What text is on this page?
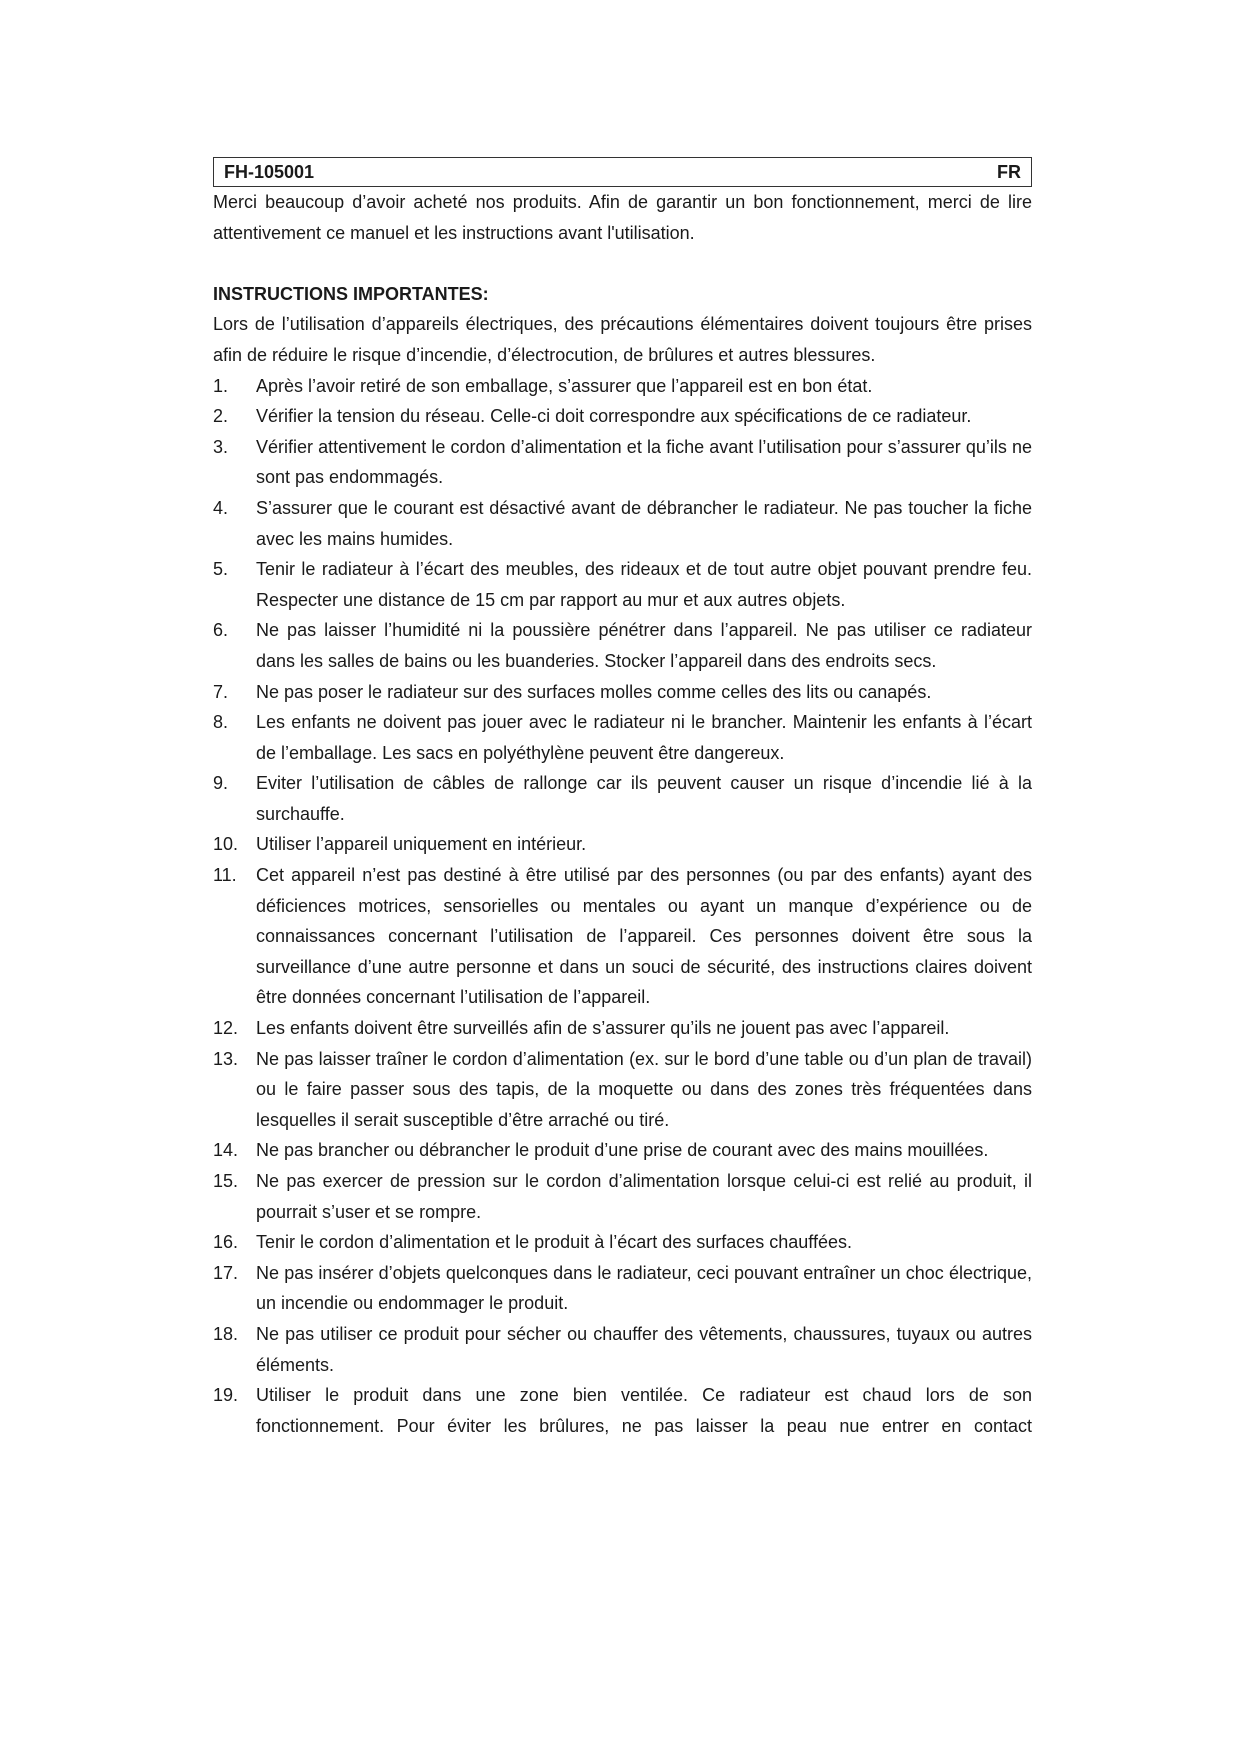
FH-105001	FR

Merci beaucoup d’avoir acheté nos produits. Afin de garantir un bon fonctionnement, merci de lire attentivement ce manuel et les instructions avant l'utilisation.

INSTRUCTIONS IMPORTANTES:

Lors de l’utilisation d’appareils électriques, des précautions élémentaires doivent toujours être prises afin de réduire le risque d’incendie, d’électrocution, de brûlures et autres blessures.

1.	Après l’avoir retiré de son emballage, s’assurer que l’appareil est en bon état.
2.	Vérifier la tension du réseau. Celle-ci doit correspondre aux spécifications de ce radiateur.
3.	Vérifier attentivement le cordon d’alimentation et la fiche avant l’utilisation pour s’assurer qu’ils ne sont pas endommagés.
4.	S’assurer que le courant est désactivé avant de débrancher le radiateur. Ne pas toucher la fiche avec les mains humides.
5.	Tenir le radiateur à l’écart des meubles, des rideaux et de tout autre objet pouvant prendre feu. Respecter une distance de 15 cm par rapport au mur et aux autres objets.
6.	Ne pas laisser l’humidité ni la poussière pénétrer dans l’appareil. Ne pas utiliser ce radiateur dans les salles de bains ou les buanderies. Stocker l’appareil dans des endroits secs.
7.	Ne pas poser le radiateur sur des surfaces molles comme celles des lits ou canapés.
8.	Les enfants ne doivent pas jouer avec le radiateur ni le brancher. Maintenir les enfants à l’écart de l’emballage. Les sacs en polyéthylène peuvent être dangereux.
9.	Eviter l’utilisation de câbles de rallonge car ils peuvent causer un risque d’incendie lié à la surchauffe.
10. Utiliser l’appareil uniquement en intérieur.
11.	Cet appareil n’est pas destiné à être utilisé par des personnes (ou par des enfants) ayant des déficiences motrices, sensorielles ou mentales ou ayant un manque d’expérience ou de connaissances concernant l’utilisation de l’appareil. Ces personnes doivent être sous la surveillance d’une autre personne et dans un souci de sécurité, des instructions claires doivent être données concernant l’utilisation de l’appareil.
12. Les enfants doivent être surveillés afin de s’assurer qu’ils ne jouent pas avec l’appareil.
13. Ne pas laisser traîner le cordon d’alimentation (ex. sur le bord d’une table ou d’un plan de travail) ou le faire passer sous des tapis, de la moquette ou dans des zones très fréquentées dans lesquelles il serait susceptible d’être arraché ou tiré.
14. Ne pas brancher ou débrancher le produit d’une prise de courant avec des mains mouillées.
15. Ne pas exercer de pression sur le cordon d’alimentation lorsque celui-ci est relié au produit, il pourrait s’user et se rompre.
16. Tenir le cordon d’alimentation et le produit à l’écart des surfaces chauffées.
17. Ne pas insérer d’objets quelconques dans le radiateur, ceci pouvant entraîner un choc électrique, un incendie ou endommager le produit.
18. Ne pas utiliser ce produit pour sécher ou chauffer des vêtements, chaussures, tuyaux ou autres éléments.
19. Utiliser le produit dans une zone bien ventilée. Ce radiateur est chaud lors de son fonctionnement. Pour éviter les brûlures, ne pas laisser la peau nue entrer en contact
